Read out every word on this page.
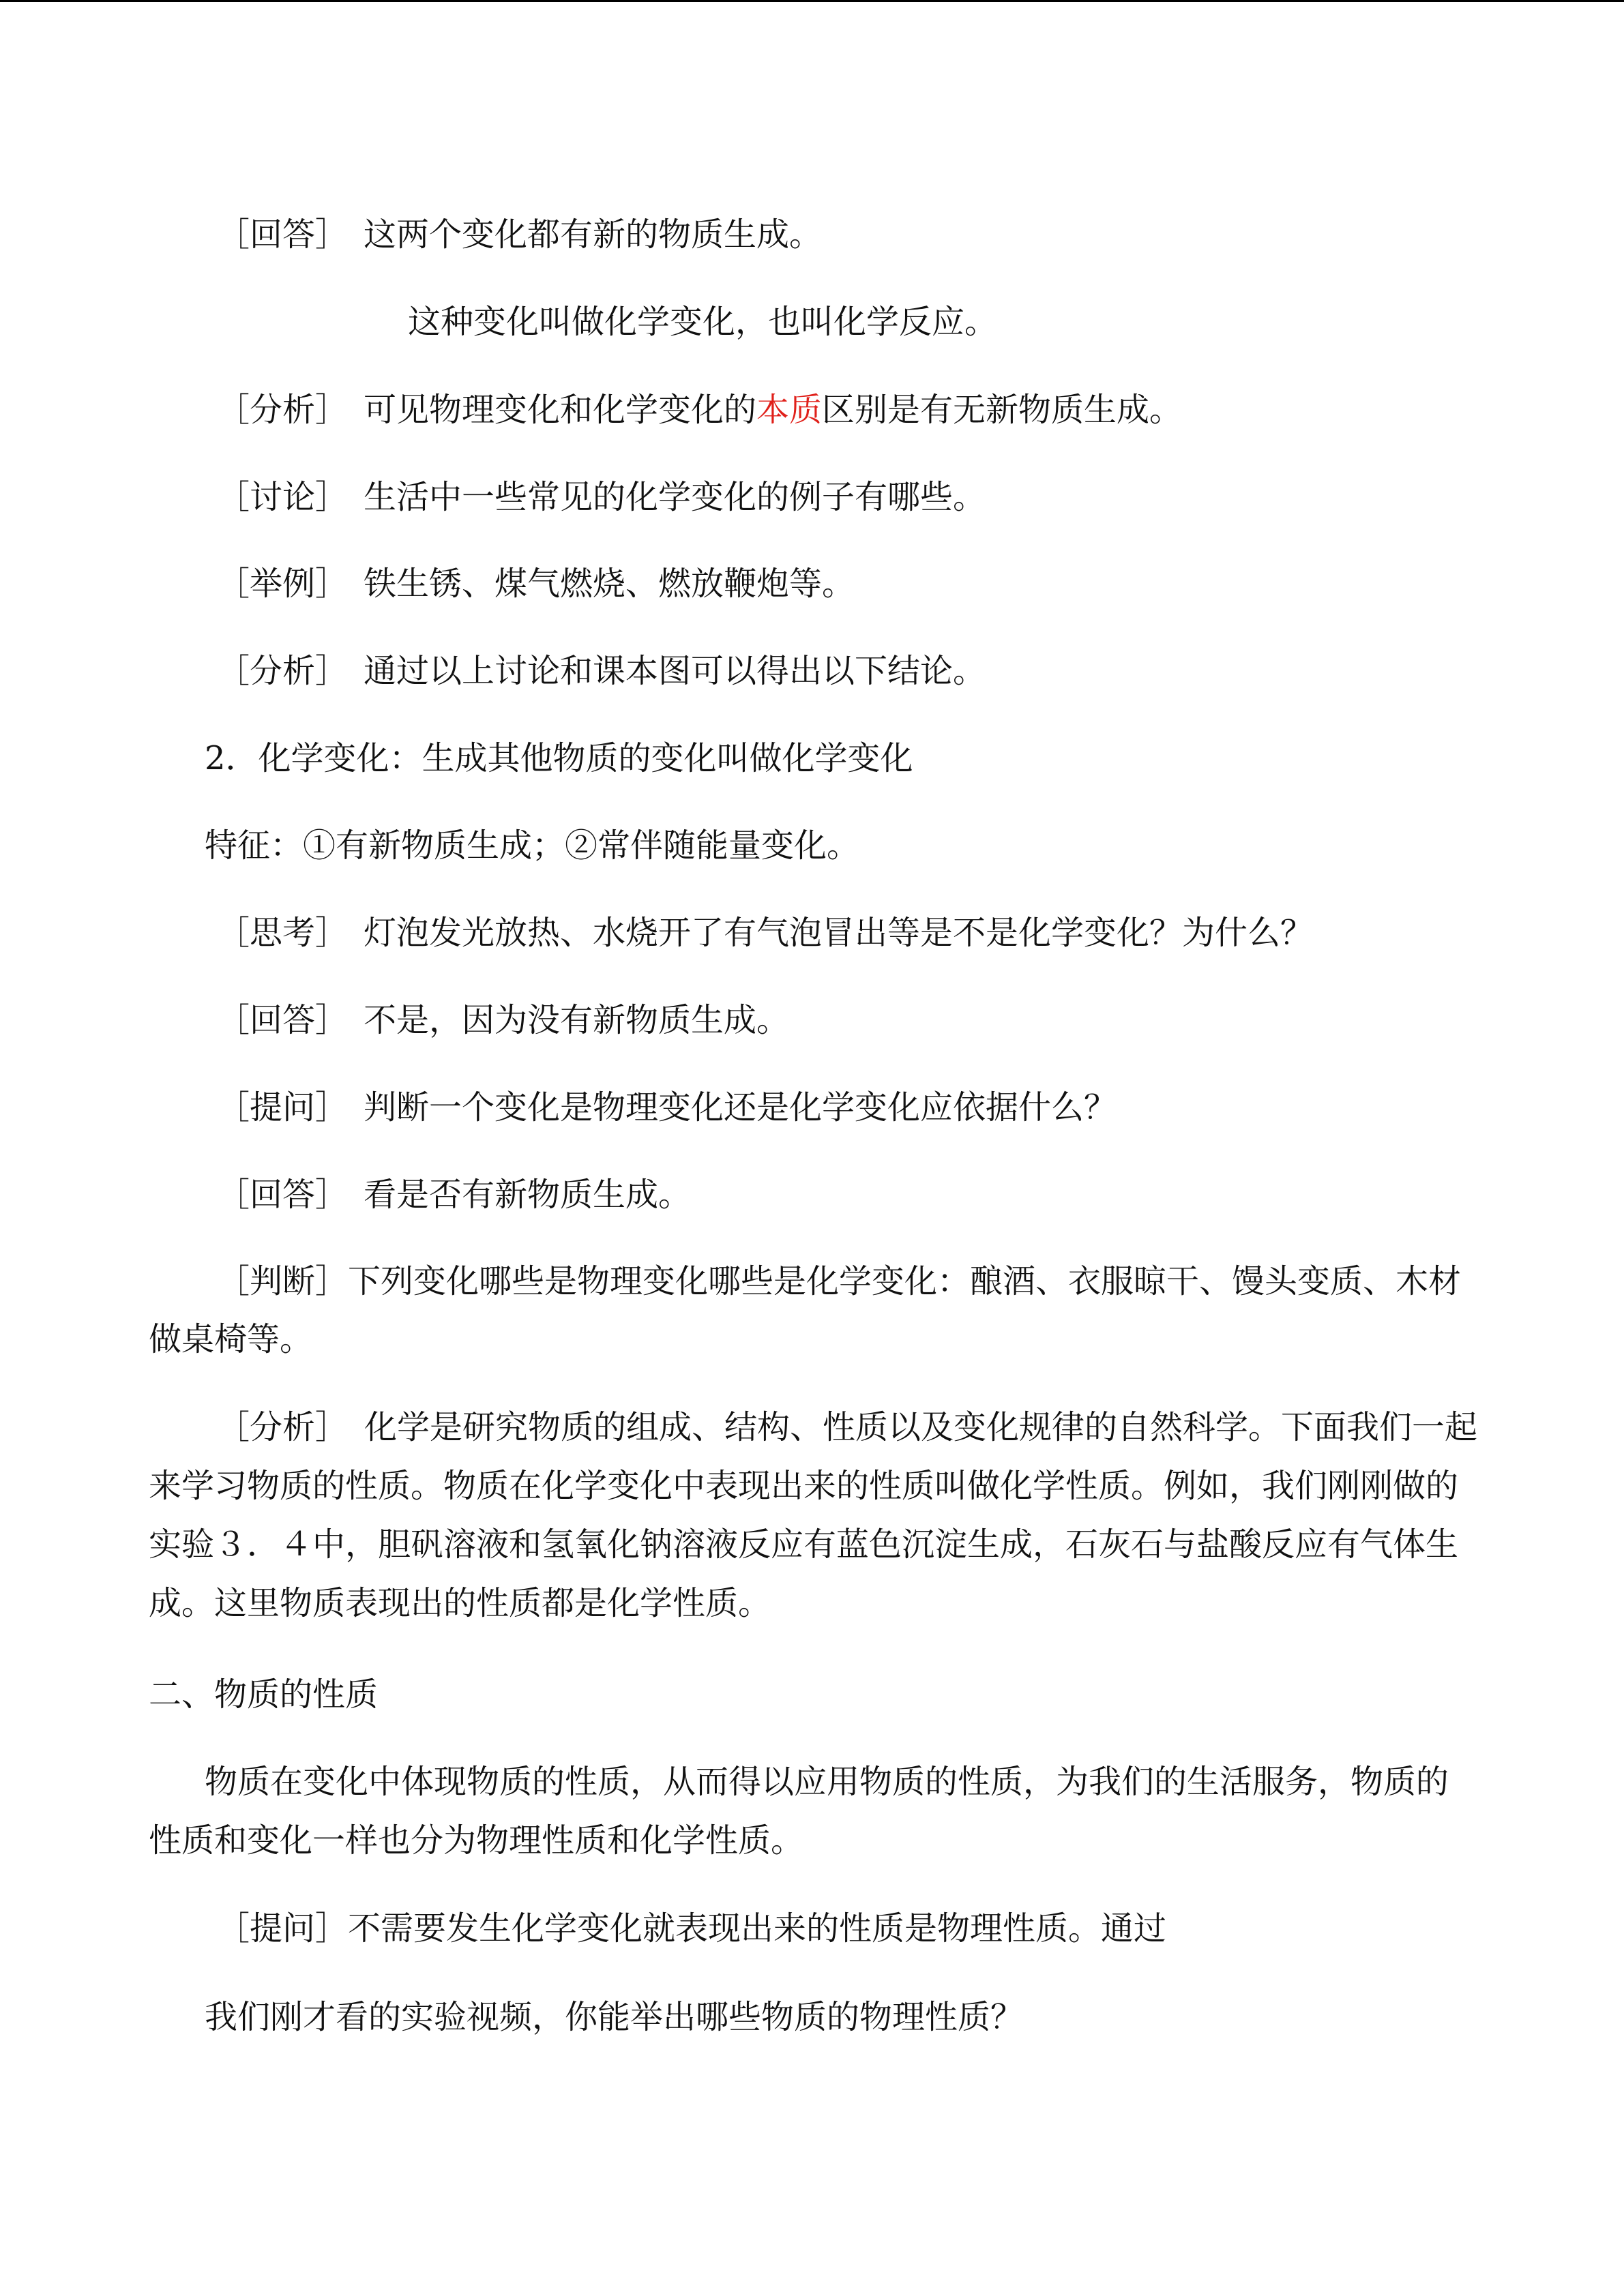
［回答］ 这两个变化都有新的物质生成。
这种变化叫做化学变化，也叫化学反应。
［分析］ 可见物理变化和化学变化的本质区别是有无新物质生成。
［讨论］ 生活中一些常见的化学变化的例子有哪些。
［举例］ 铁生锈、煤气燃烧、燃放鞭炮等。
［分析］ 通过以上讨论和课本图可以得出以下结论。
2．化学变化：生成其他物质的变化叫做化学变化
特征：①有新物质生成；②常伴随能量变化。
［思考］ 灯泡发光放热、水烧开了有气泡冒出等是不是化学变化？为什么？
［回答］ 不是，因为没有新物质生成。
［提问］ 判断一个变化是物理变化还是化学变化应依据什么？
［回答］ 看是否有新物质生成。
［判断］下列变化哪些是物理变化哪些是化学变化：酿酒、衣服晾干、馒头变质、木材
做桌椅等。
［分析］　化学是研究物质的组成、结构、性质以及变化规律的自然科学。下面我们一起
来学习物质的性质。物质在化学变化中表现出来的性质叫做化学性质。例如，我们刚刚做的
实验３．４中，胆矾溶液和氢氧化钠溶液反应有蓝色沉淀生成，石灰石与盐酸反应有气体生
成。这里物质表现出的性质都是化学性质。
二、物质的性质
物质在变化中体现物质的性质，从而得以应用物质的性质，为我们的生活服务，物质的
性质和变化一样也分为物理性质和化学性质。
［提问］不需要发生化学变化就表现出来的性质是物理性质。通过
我们刚才看的实验视频，你能举出哪些物质的物理性质？
